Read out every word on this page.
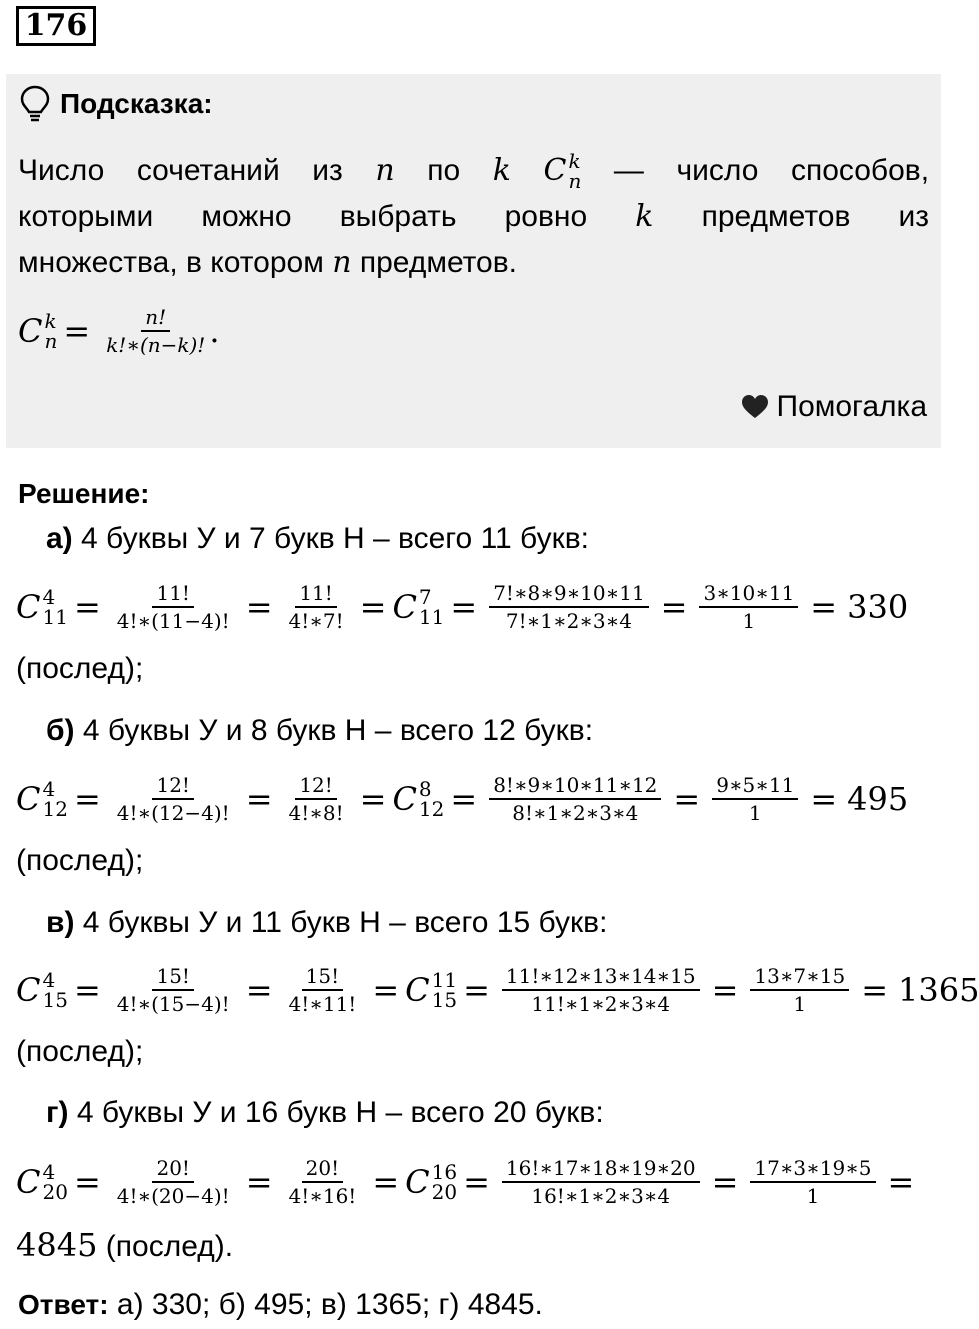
176
Подсказка:
Число сочетаний из n по k C k
n — число способов,
которыми можно выбрать ровно k предметов из
множества, в котором n предметов.
C k
$n = \frac{n!}{k!∗(n-k)!}$ .
Помогалка
Решение:
а) 4 буквы У и 7 букв Н – всего 11 букв:
C 4
$11 = \frac{11!}{4!∗(11-4)!} = \frac{11!}{4!∗7!} = C$ 7
$11 = \frac{7!∗8∗9∗10∗11}{7!∗1∗2∗3∗4} = \frac{3∗10∗11}{1} = 330$
(послед);
б) 4 буквы У и 8 букв Н – всего 12 букв:
C 4
$12 = \frac{12!}{4!∗(12-4)!} = \frac{12!}{4!∗8!} = C$ 8
$12 = \frac{8!∗9∗10∗11∗12}{8!∗1∗2∗3∗4} = \frac{9∗5∗11}{1} = 495$
(послед);
в) 4 буквы У и 11 букв Н – всего 15 букв:
C 4
$15 = \frac{15!}{4!∗(15-4)!} = \frac{15!}{4!∗11!} = C$ 11
$15 = \frac{11!∗12∗13∗14∗15}{11!∗1∗2∗3∗4} = \frac{13∗7∗15}{1} = 1365$
(послед);
г) 4 буквы У и 16 букв Н – всего 20 букв:
C 4
$20 = \frac{20!}{4!∗(20-4)!} = \frac{20!}{4!∗16!} = C$ 16
$20 = \frac{16!∗17∗18∗19∗20}{16!∗1∗2∗3∗4} = \frac{17∗3∗19∗5}{1}$ =
4845 (послед).
Ответ: а) 330; б) 495; в) 1365; г) 4845.
